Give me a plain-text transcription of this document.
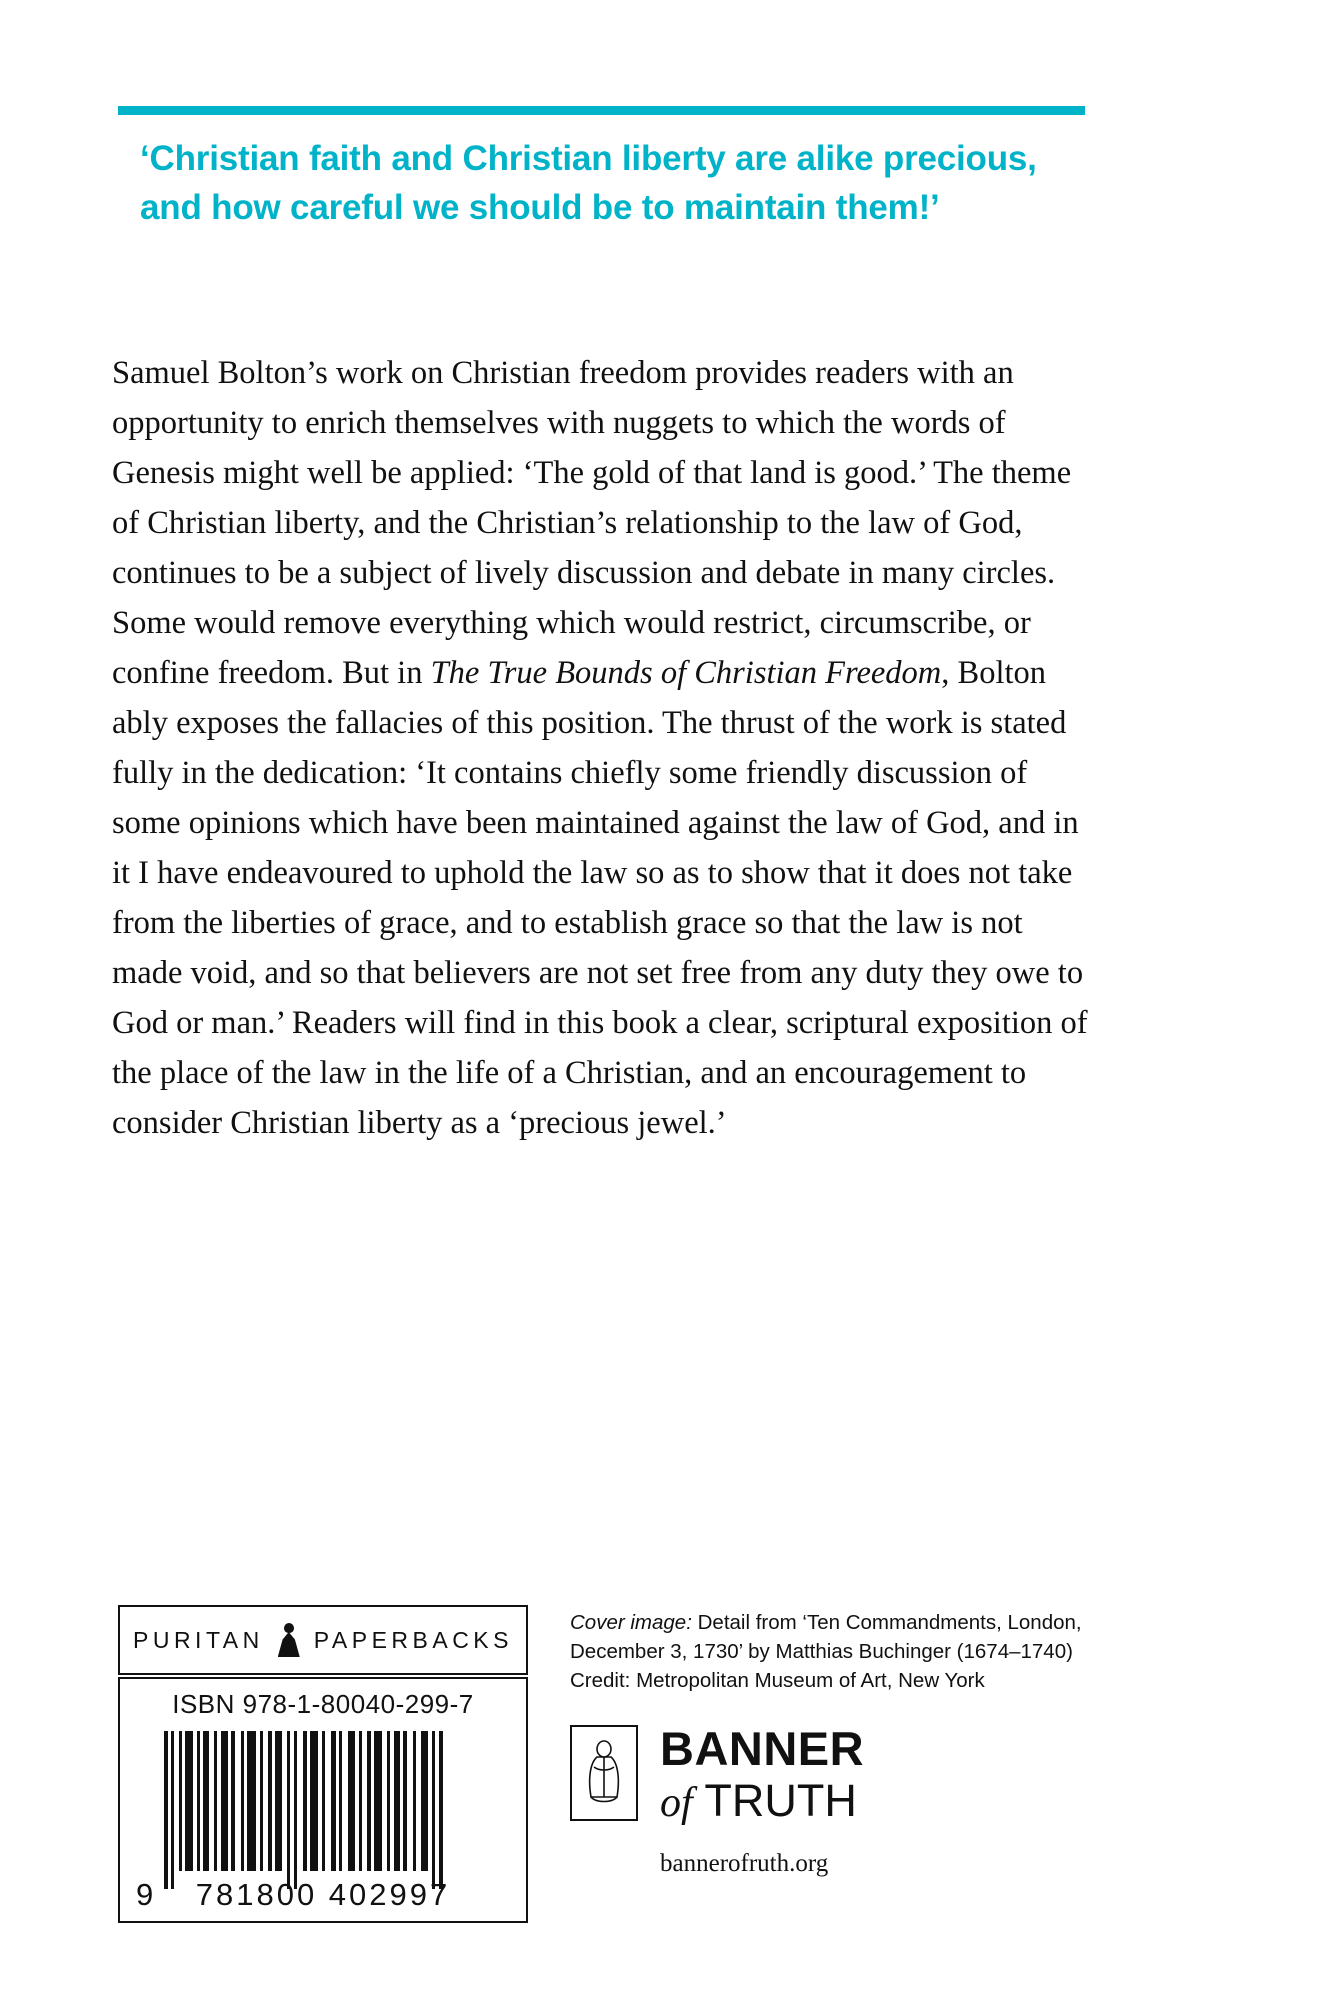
‘Christian faith and Christian liberty are alike precious, and how careful we should be to maintain them!’
Samuel Bolton’s work on Christian freedom provides readers with an opportunity to enrich themselves with nuggets to which the words of Genesis might well be applied: ‘The gold of that land is good.’ The theme of Christian liberty, and the Christian’s relationship to the law of God, continues to be a subject of lively discussion and debate in many circles. Some would remove everything which would restrict, circumscribe, or confine freedom. But in The True Bounds of Christian Freedom, Bolton ably exposes the fallacies of this position. The thrust of the work is stated fully in the dedication: ‘It contains chiefly some friendly discussion of some opinions which have been maintained against the law of God, and in it I have endeavoured to uphold the law so as to show that it does not take from the liberties of grace, and to establish grace so that the law is not made void, and so that believers are not set free from any duty they owe to God or man.’ Readers will find in this book a clear, scriptural exposition of the place of the law in the life of a Christian, and an encouragement to consider Christian liberty as a ‘precious jewel.’
PURITAN PAPERBACKS
ISBN 978-1-80040-299-7
9 781800 402997
Cover image: Detail from ‘Ten Commandments, London,
December 3, 1730’ by Matthias Buchinger (1674–1740)
Credit: Metropolitan Museum of Art, New York
BANNER
of TRUTH
bannerofruth.org
